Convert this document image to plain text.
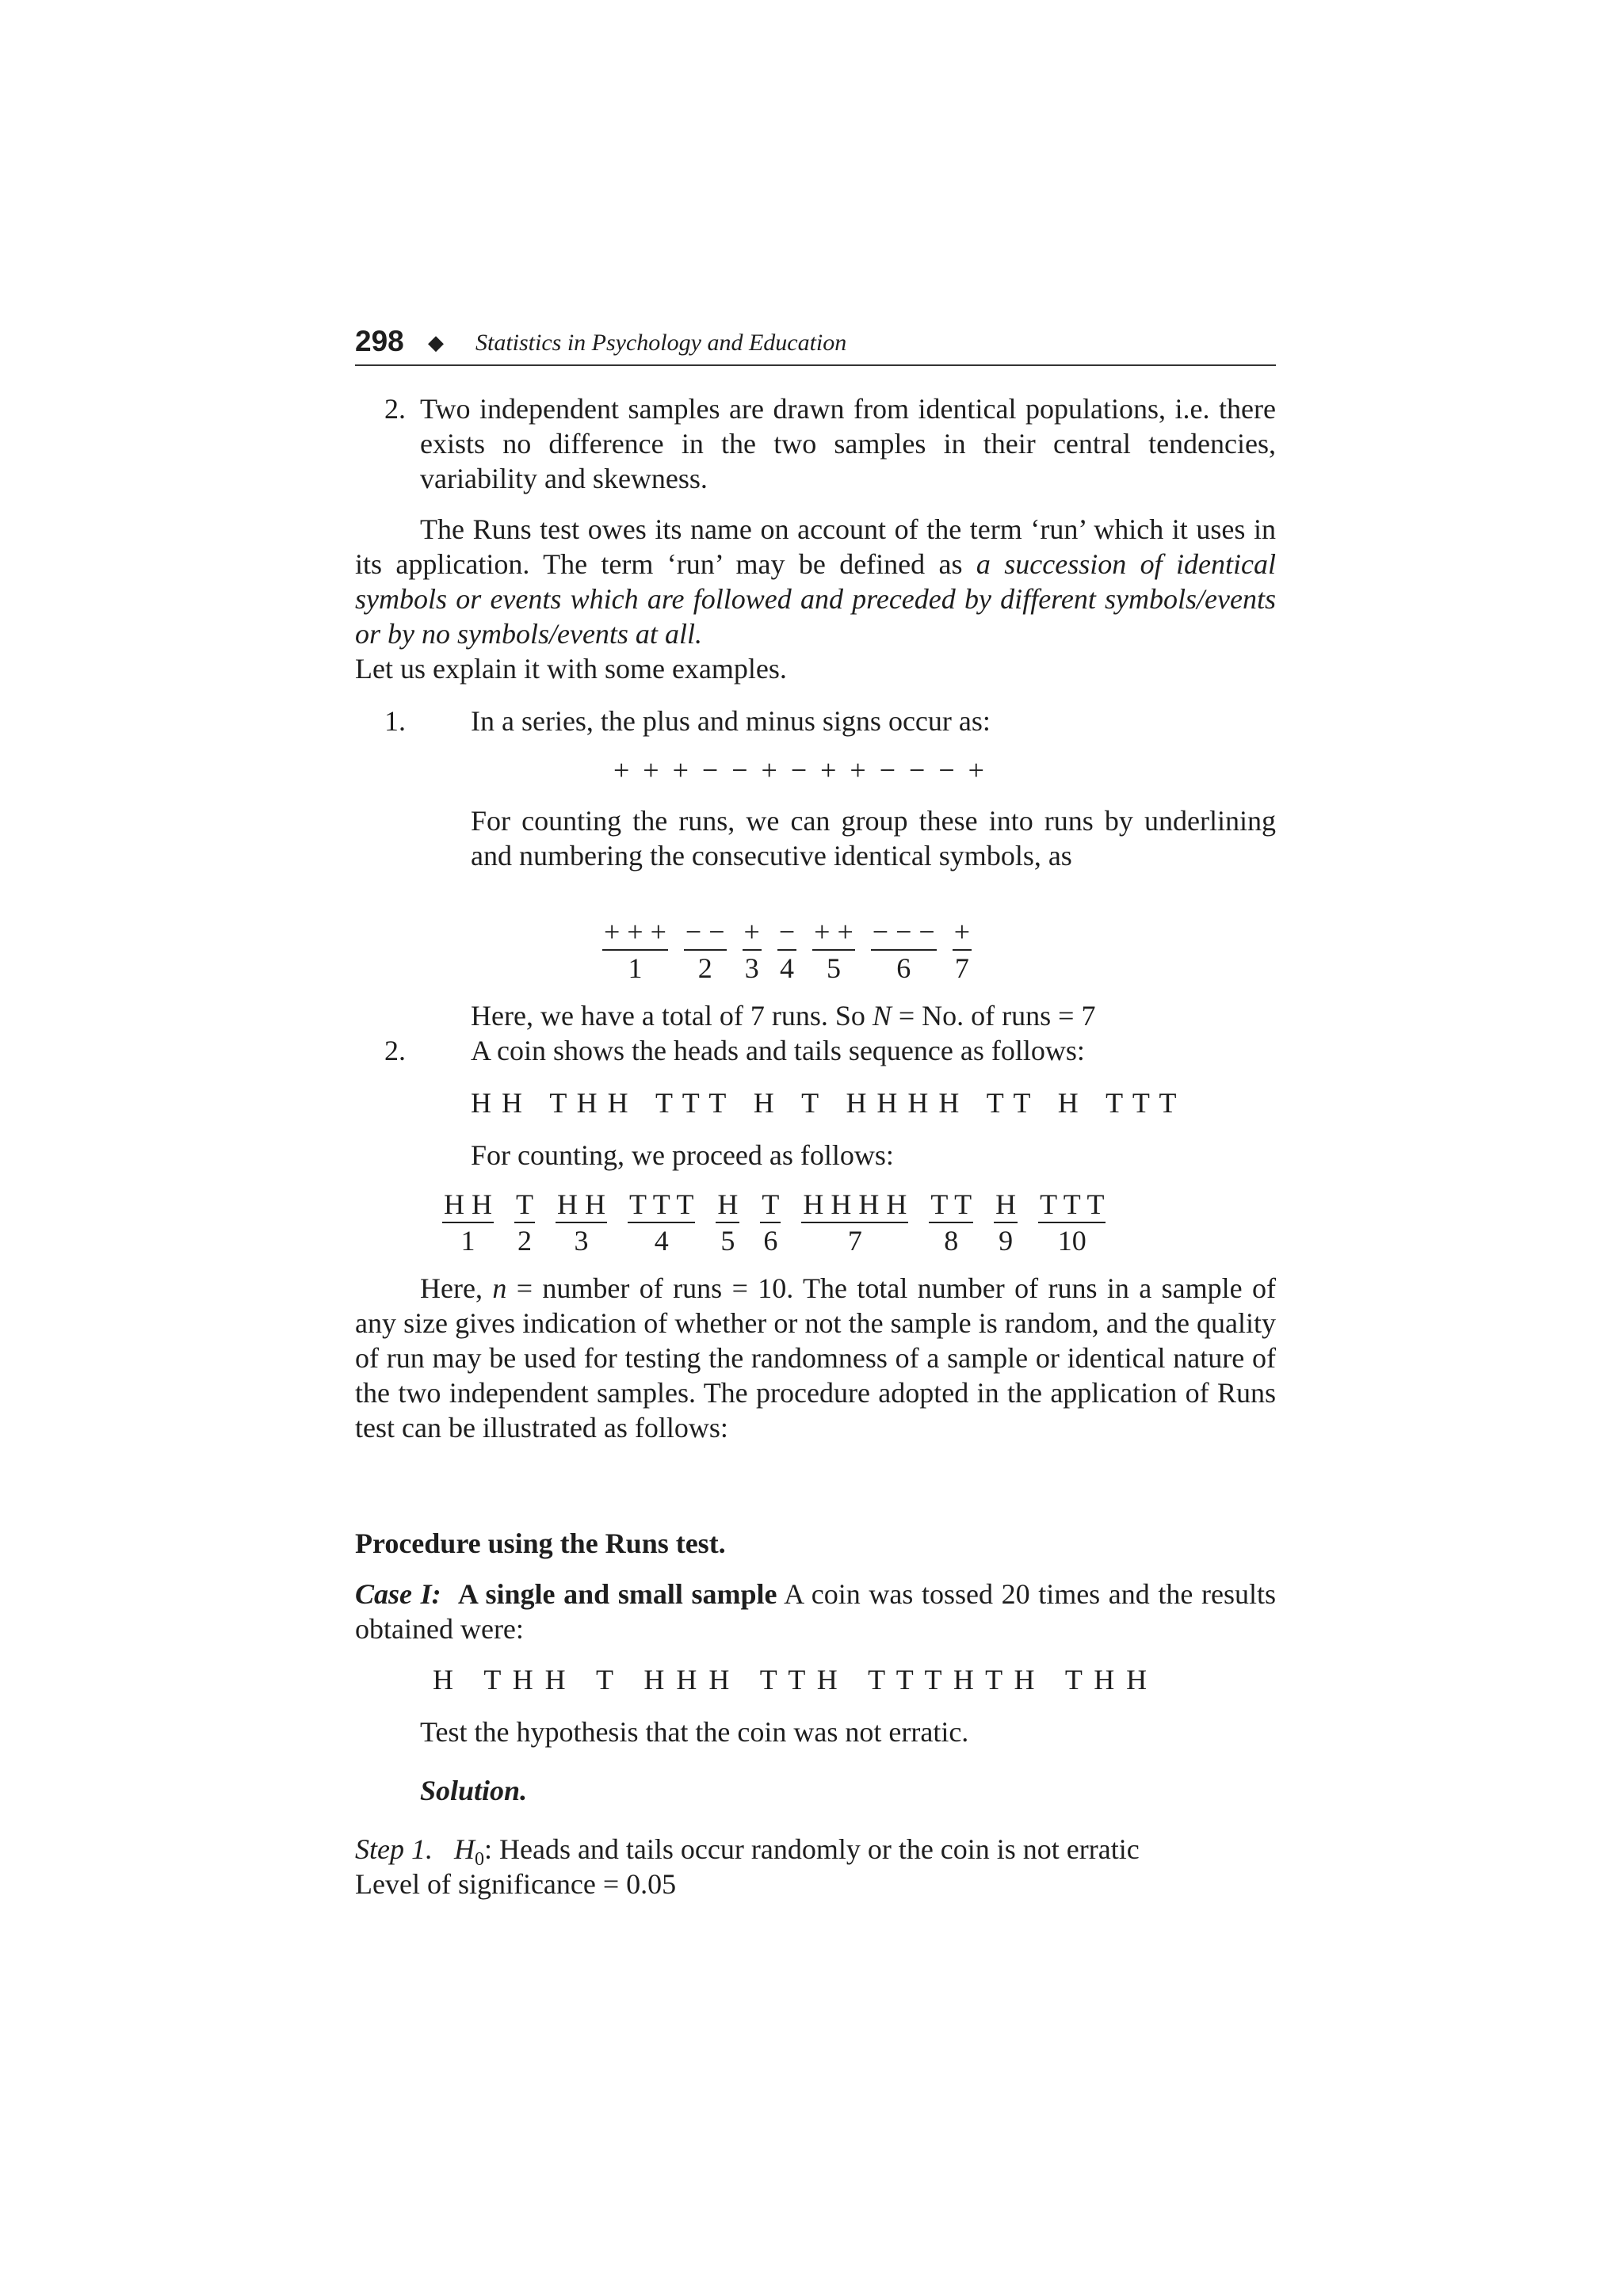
298 ◆ Statistics in Psychology and Education
2. Two independent samples are drawn from identical populations, i.e. there exists no difference in the two samples in their central tendencies, variability and skewness.
The Runs test owes its name on account of the term ‘run’ which it uses in its application. The term ‘run’ may be defined as a succession of identical symbols or events which are followed and preceded by different symbols/events or by no symbols/events at all.
Let us explain it with some examples.
1. In a series, the plus and minus signs occur as:
+ + + − − + − + + − − − +
For counting the runs, we can group these into runs by underlining and numbering the consecutive identical symbols, as
+ + +
1
− −
2
+
3
−
4
+ +
5
− − −
6
+
7
Here, we have a total of 7 runs. So N = No. of runs = 7
2. A coin shows the heads and tails sequence as follows:
H H   T H H   T T T   H   T   H H H H   T T   H   T T T
For counting, we proceed as follows:
H H
1
T
2
H H
3
T T T
4
H
5
T
6
H H H H
7
T T
8
H
9
T T T
10
Here, n = number of runs = 10. The total number of runs in a sample of any size gives indication of whether or not the sample is random, and the quality of run may be used for testing the randomness of a sample or identical nature of the two independent samples. The procedure adopted in the application of Runs test can be illustrated as follows:
Procedure using the Runs test.
Case I: A single and small sample A coin was tossed 20 times and the results obtained were:
H   T H H   T   H H H   T T H   T T T H T H   T H H
Test the hypothesis that the coin was not erratic.
Solution.
Step 1. $H_0$: Heads and tails occur randomly or the coin is not erratic
Level of significance = 0.05
